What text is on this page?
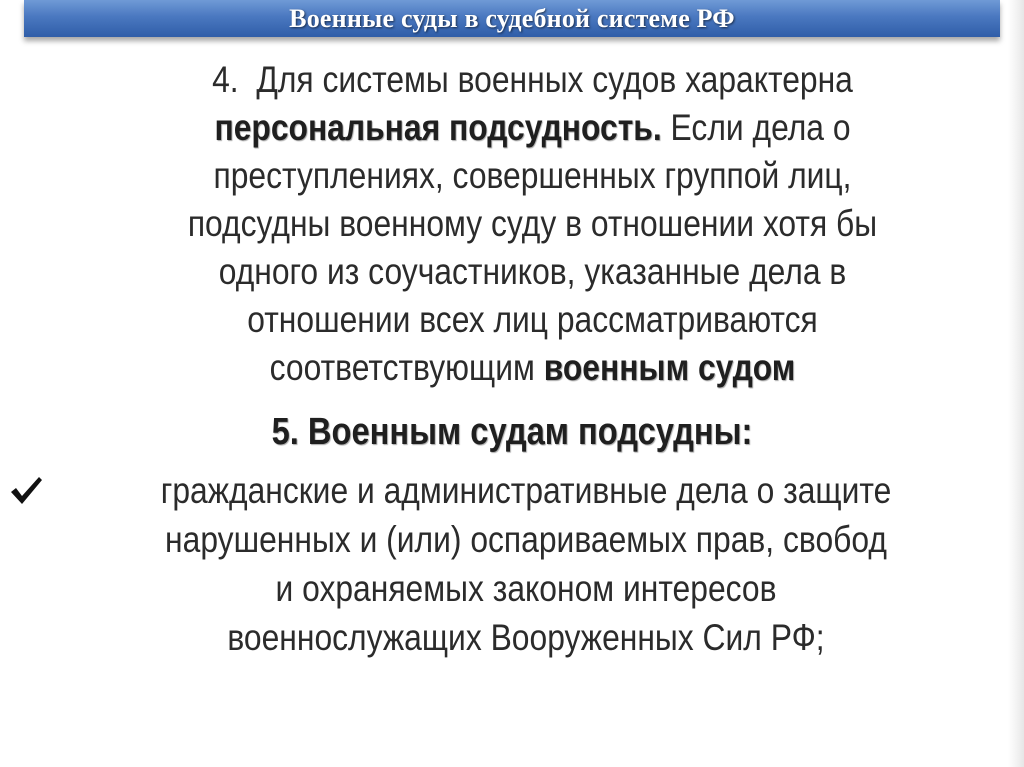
Военные суды в судебной системе РФ
4. Для системы военных судов характерна
персональная подсудность. Если дела о
преступлениях, совершенных группой лиц,
подсудны военному суду в отношении хотя бы
одного из соучастников, указанные дела в
отношении всех лиц рассматриваются
соответствующим военным судом
5. Военным судам подсудны:
гражданские и административные дела о защите
нарушенных и (или) оспариваемых прав, свобод
и охраняемых законом интересов
военнослужащих Вооруженных Сил РФ;
